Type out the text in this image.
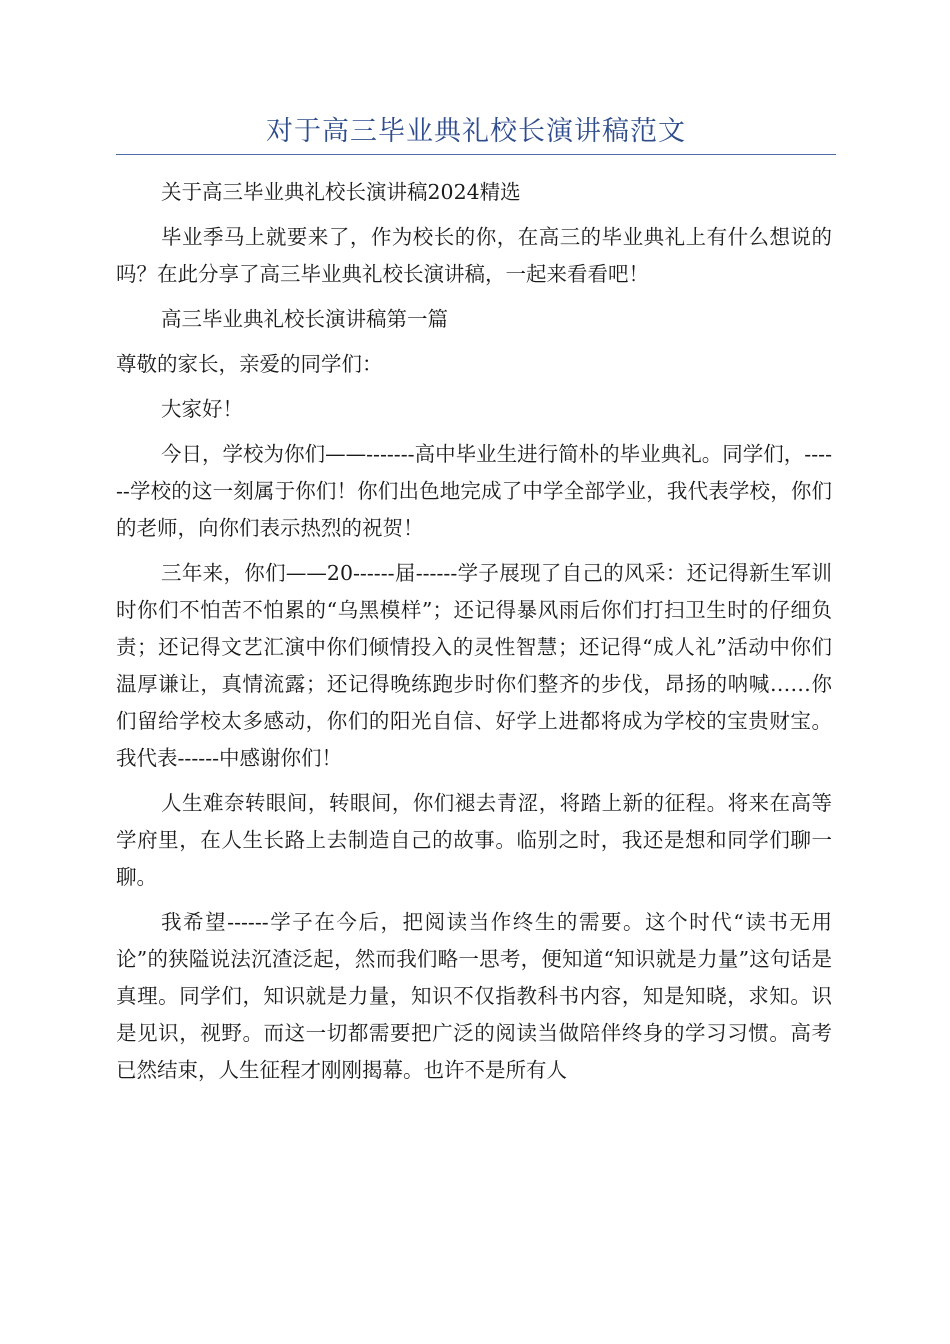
对于高三毕业典礼校长演讲稿范文

关于高三毕业典礼校长演讲稿2024精选

毕业季马上就要来了，作为校长的你，在高三的毕业典礼上有什么想说的吗？在此分享了高三毕业典礼校长演讲稿，一起来看看吧！

高三毕业典礼校长演讲稿第一篇

尊敬的家长，亲爱的同学们：

大家好！

今日，学校为你们——-------高中毕业生进行简朴的毕业典礼。同学们，------学校的这一刻属于你们！你们出色地完成了中学全部学业，我代表学校，你们的老师，向你们表示热烈的祝贺！

三年来，你们——20------届------学子展现了自己的风采：还记得新生军训时你们不怕苦不怕累的“乌黑模样”；还记得暴风雨后你们打扫卫生时的仔细负责；还记得文艺汇演中你们倾情投入的灵性智慧；还记得“成人礼”活动中你们温厚谦让，真情流露；还记得晚练跑步时你们整齐的步伐，昂扬的呐喊……你们留给学校太多感动，你们的阳光自信、好学上进都将成为学校的宝贵财宝。我代表------中感谢你们！

人生难奈转眼间，转眼间，你们褪去青涩，将踏上新的征程。将来在高等学府里，在人生长路上去制造自己的故事。临别之时，我还是想和同学们聊一聊。

我希望------学子在今后，把阅读当作终生的需要。这个时代“读书无用论”的狭隘说法沉渣泛起，然而我们略一思考，便知道“知识就是力量”这句话是真理。同学们，知识就是力量，知识不仅指教科书内容，知是知晓，求知。识是见识，视野。而这一切都需要把广泛的阅读当做陪伴终身的学习习惯。高考已然结束，人生征程才刚刚揭幕。也许不是所有人
